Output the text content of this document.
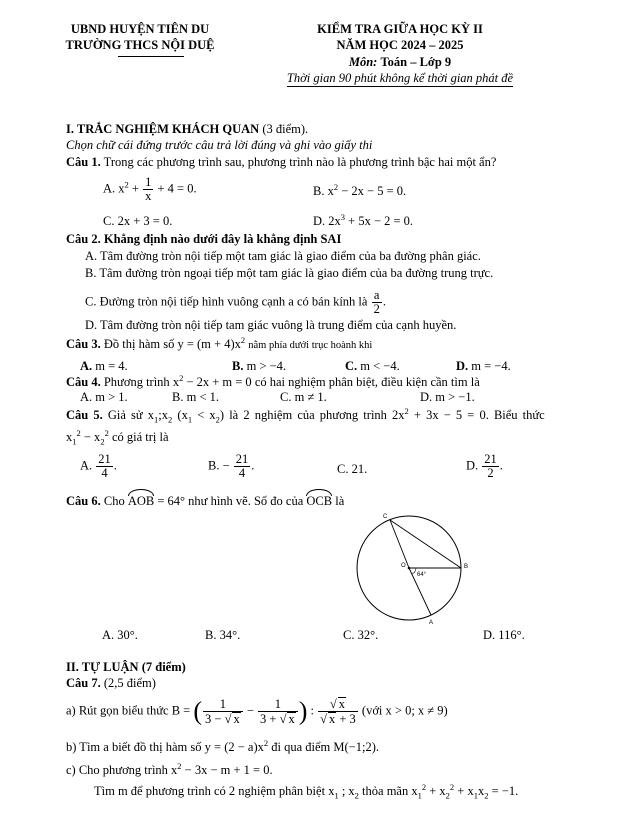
UBND HUYỆN TIÊN DU
TRƯỜNG THCS NỘI DUỆ
KIỂM TRA GIỮA HỌC KỲ II
NĂM HỌC 2024 – 2025
Môn: Toán – Lớp 9
Thời gian 90 phút không kể thời gian phát đề
I. TRẮC NGHIỆM KHÁCH QUAN (3 điểm).
Chọn chữ cái đứng trước câu trả lời đúng và ghi vào giấy thi
Câu 1. Trong các phương trình sau, phương trình nào là phương trình bậc hai một ẩn?
A. $x^2 + \frac{1}{x} + 4 = 0$.	B. $x^2 - 2x - 5 = 0$.
C. 2x + 3 = 0.	D. $2x^3 + 5x - 2 = 0$.
Câu 2. Khẳng định nào dưới đây là khẳng định SAI
A. Tâm đường tròn nội tiếp một tam giác là giao điểm của ba đường phân giác.
B. Tâm đường tròn ngoại tiếp một tam giác là giao điểm của ba đường trung trực.
C. Đường tròn nội tiếp hình vuông cạnh a có bán kính là $\frac{a}{2}$ .
D. Tâm đường tròn nội tiếp tam giác vuông là trung điểm của cạnh huyền.
Câu 3. Đồ thị hàm số $y = (m + 4)x^2$ nằm phía dưới trục hoành khi
A. m = 4.	B. m > −4.	C. m < −4.	D. m = −4.
Câu 4. Phương trình $x^2 - 2x + m = 0$ có hai nghiệm phân biệt, điều kiện cần tìm là
A. m > 1.	B. m < 1.	C. m ≠ 1.	D. m > −1.
Câu 5. Giả sử $x_1;x_2$ $(x_1 < x_2)$ là 2 nghiệm của phương trình $2x^2 + 3x - 5 = 0$. Biểu thức
$x_1^2 - x_2^2$ có giá trị là
A. $\frac{21}{4}$ .	B. − $\frac{21}{4}$ .	C. 21.	D. $\frac{21}{2}$ .
Câu 6. Cho AOB = 64° như hình vẽ. Số đo của OCB là
C
O	B
A
64°
A. 30°.	B. 34°.	C. 32°.	D. 116°.
II. TỰ LUẬN (7 điểm)
Câu 7. (2,5 điểm)
a) Rút gọn biểu thức B = ( $\frac{1}{3 - √ x} - \frac{1}{3 + √ x}$ ) : $\frac{√ x}{√ x + 3}$ (với x > 0; x ≠ 9)
b) Tìm a biết đồ thị hàm số $y = (2 - a)x^2$ đi qua điểm M(−1;2).
c) Cho phương trình $x^2 - 3x - m + 1 = 0$.
Tìm m để phương trình có 2 nghiệm phân biệt $x_1$ ; $x_2$ thỏa mãn $x_1^2 + x_2^2 + x_1x_2 = -1$.
